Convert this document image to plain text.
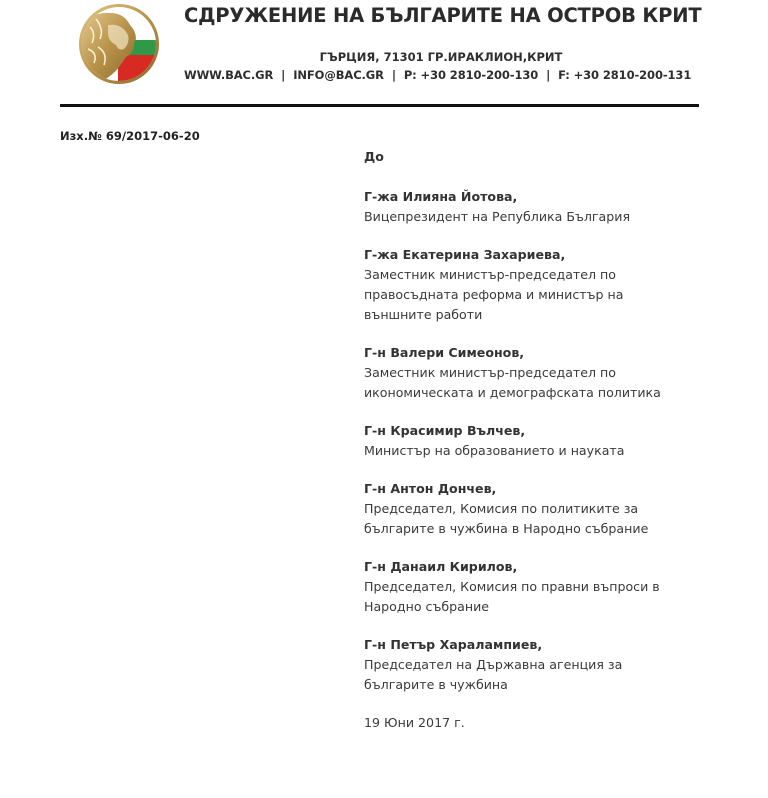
СДРУЖЕНИЕ НА БЪЛГАРИТЕ НА ОСТРОВ КРИТ
ГЪРЦИЯ, 71301 ГР.ИРАКЛИОН,КРИТ
WWW.BAC.GR | INFO@BAC.GR | P: +30 2810-200-130 | F: +30 2810-200-131
Изх.№ 69/2017-06-20
До
Г-жа Илияна Йотова,
Вицепрезидент на Република България
Г-жа Екатерина Захариева,
Заместник министър-председател по
правосъдната реформа и министър на
външните работи
Г-н Валери Симеонов,
Заместник министър-председател по
икономическата и демографската политика
Г-н Красимир Вълчев,
Министър на образованието и науката
Г-н Антон Дончев,
Председател, Комисия по политиките за
българите в чужбина в Народно събрание
Г-н Данаил Кирилов,
Председател, Комисия по правни въпроси в
Народно събрание
Г-н Петър Харалампиев,
Председател на Държавна агенция за
българите в чужбина
19 Юни 2017 г.
